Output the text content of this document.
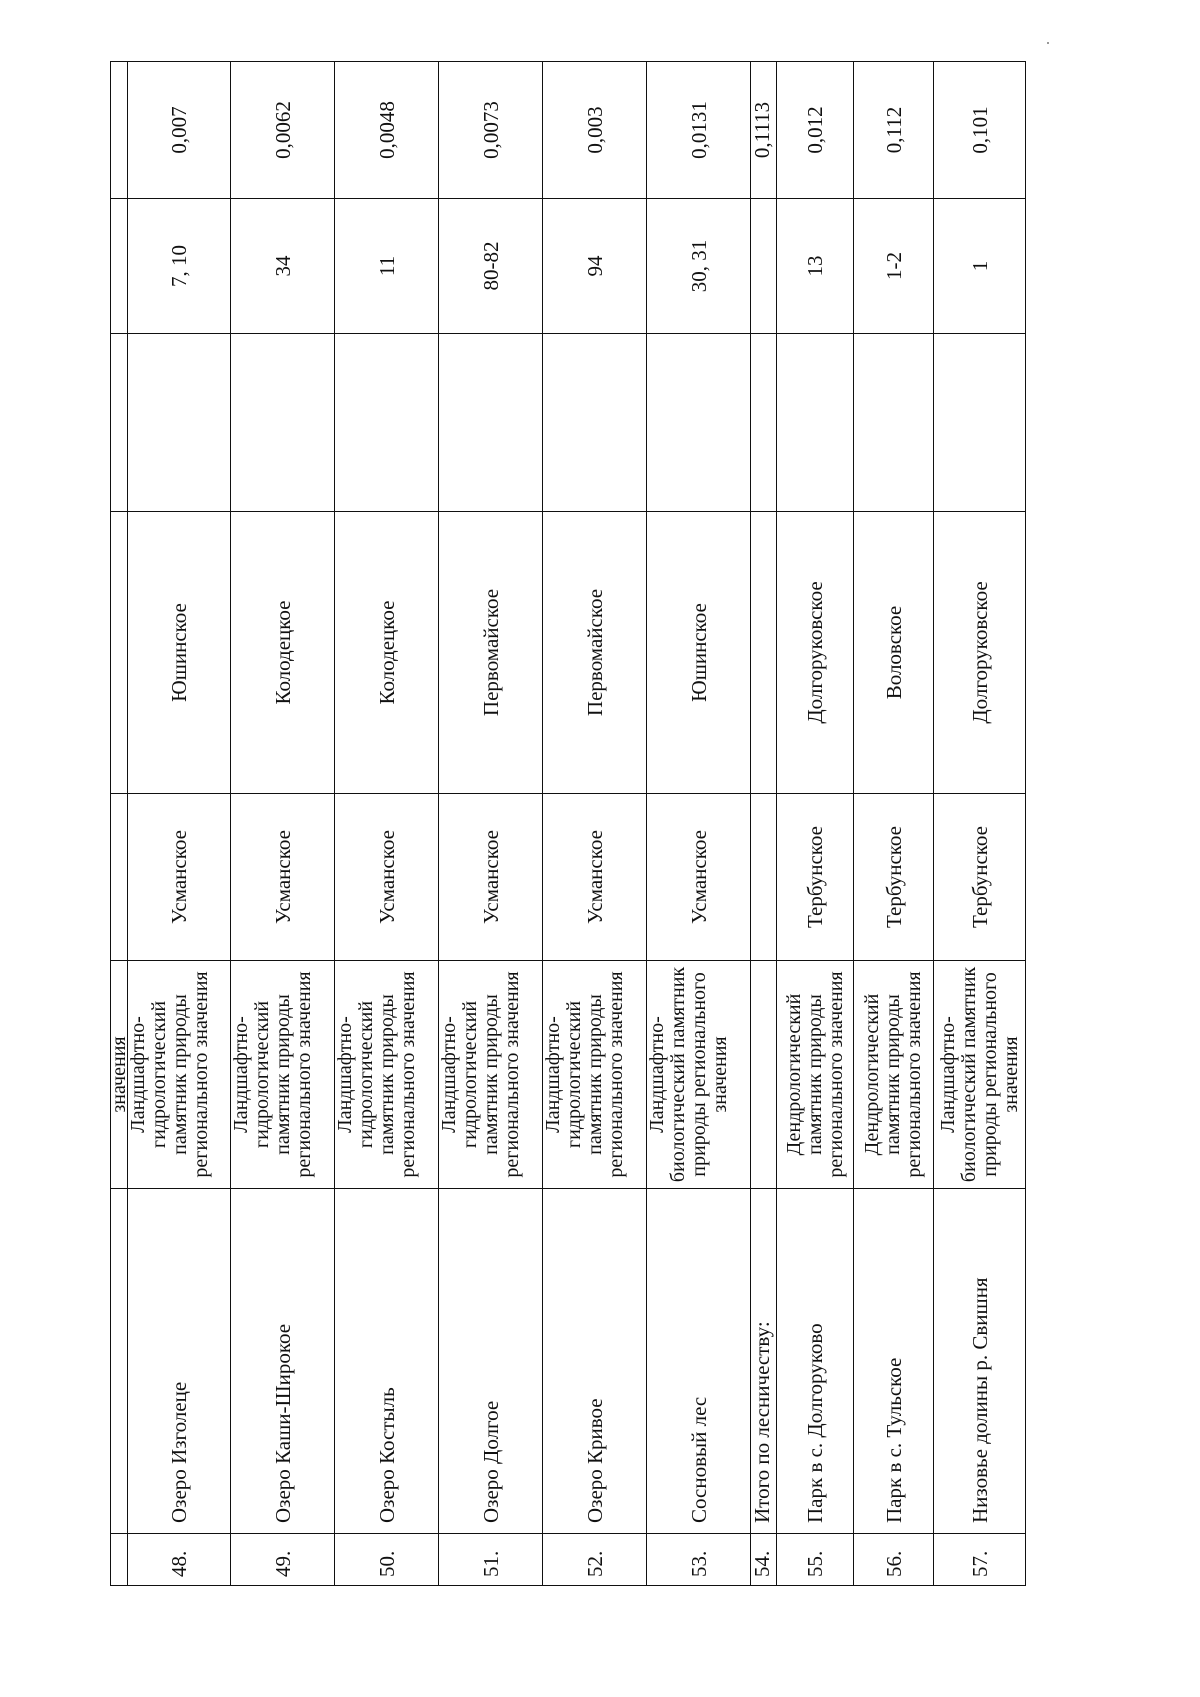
		значения					
48.	Озеро Изголеце	Ландшафтно-гидрологический памятник природы регионального значения	Усманское	Юшинское		7, 10	0,007
49.	Озеро Каши-Широкое	Ландшафтно-гидрологический памятник природы регионального значения	Усманское	Колодецкое		34	0,0062
50.	Озеро Костыль	Ландшафтно-гидрологический памятник природы регионального значения	Усманское	Колодецкое		11	0,0048
51.	Озеро Долгое	Ландшафтно-гидрологический памятник природы регионального значения	Усманское	Первомайское		80-82	0,0073
52.	Озеро Кривое	Ландшафтно-гидрологический памятник природы регионального значения	Усманское	Первомайское		94	0,003
53.	Сосновый лес	Ландшафтно-биологический памятник природы регионального значения	Усманское	Юшинское		30, 31	0,0131
54.	Итого по лесничеству:						0,1113
55.	Парк в с. Долгоруково	Дендрологический памятник природы регионального значения	Тербунское	Долгоруковское		13	0,012
56.	Парк в с. Тульское	Дендрологический памятник природы регионального значения	Тербунское	Воловское		1-2	0,112
57.	Низовье долины р. Свишня	Ландшафтно-биологический памятник природы регионального значения	Тербунское	Долгоруковское		1	0,101
